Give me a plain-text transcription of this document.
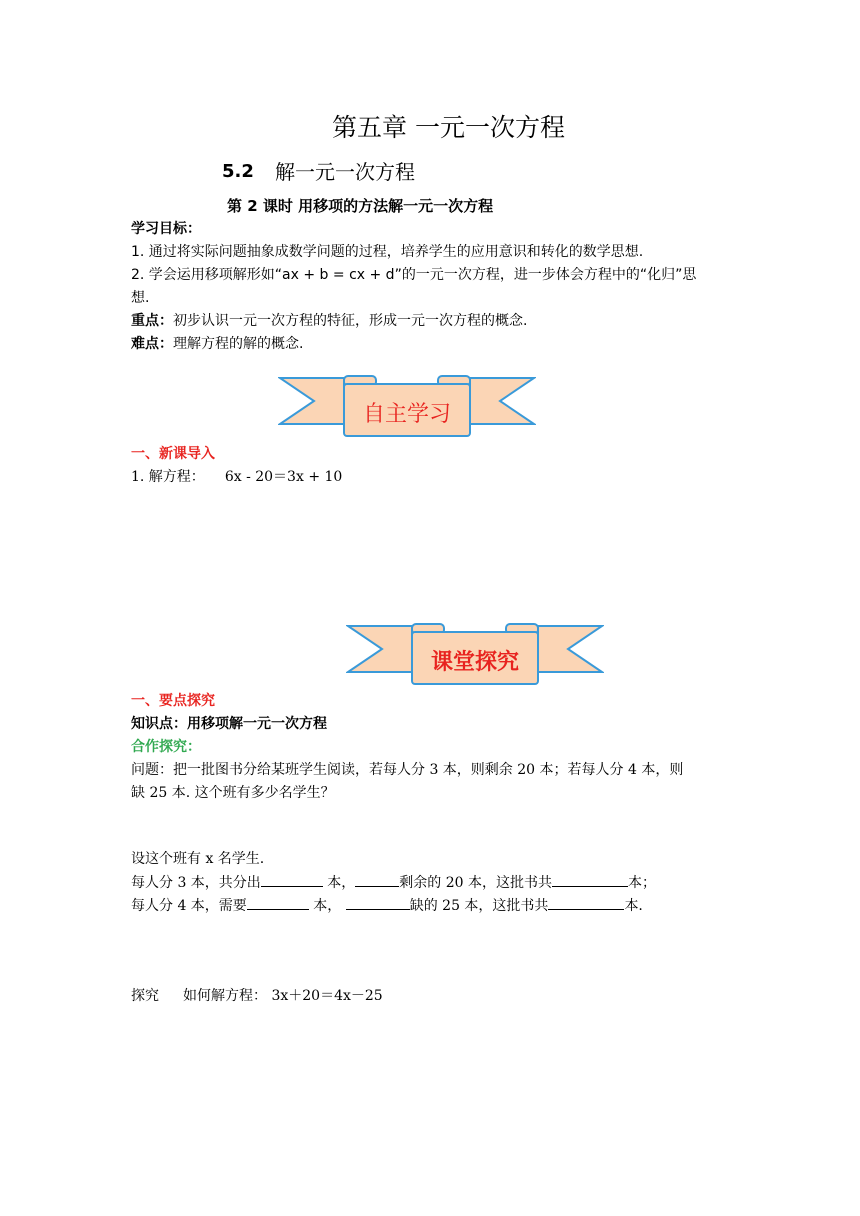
第五章 一元一次方程
5.2 解一元一次方程
第 2 课时 用移项的方法解一元一次方程
学习目标：
1. 通过将实际问题抽象成数学问题的过程，培养学生的应用意识和转化的数学思想.
2. 学会运用移项解形如“ax + b = cx + d”的一元一次方程，进一步体会方程中的“化归”思
想.
重点：初步认识一元一次方程的特征，形成一元一次方程的概念.
难点：理解方程的解的概念.
自主学习
一、新课导入
1. 解方程： 6x - 20＝3x + 10
课堂探究
一、要点探究
知识点：用移项解一元一次方程
合作探究：
问题：把一批图书分给某班学生阅读，若每人分 3 本，则剩余 20 本；若每人分 4 本，则
缺 25 本. 这个班有多少名学生？
设这个班有 x 名学生.
每人分 3 本，共分出	本，	剩余的 20 本，这批书共	本；
每人分 4 本，需要	本，	缺的 25 本，这批书共	本.
探究 如何解方程： 3x＋20＝4x－25
